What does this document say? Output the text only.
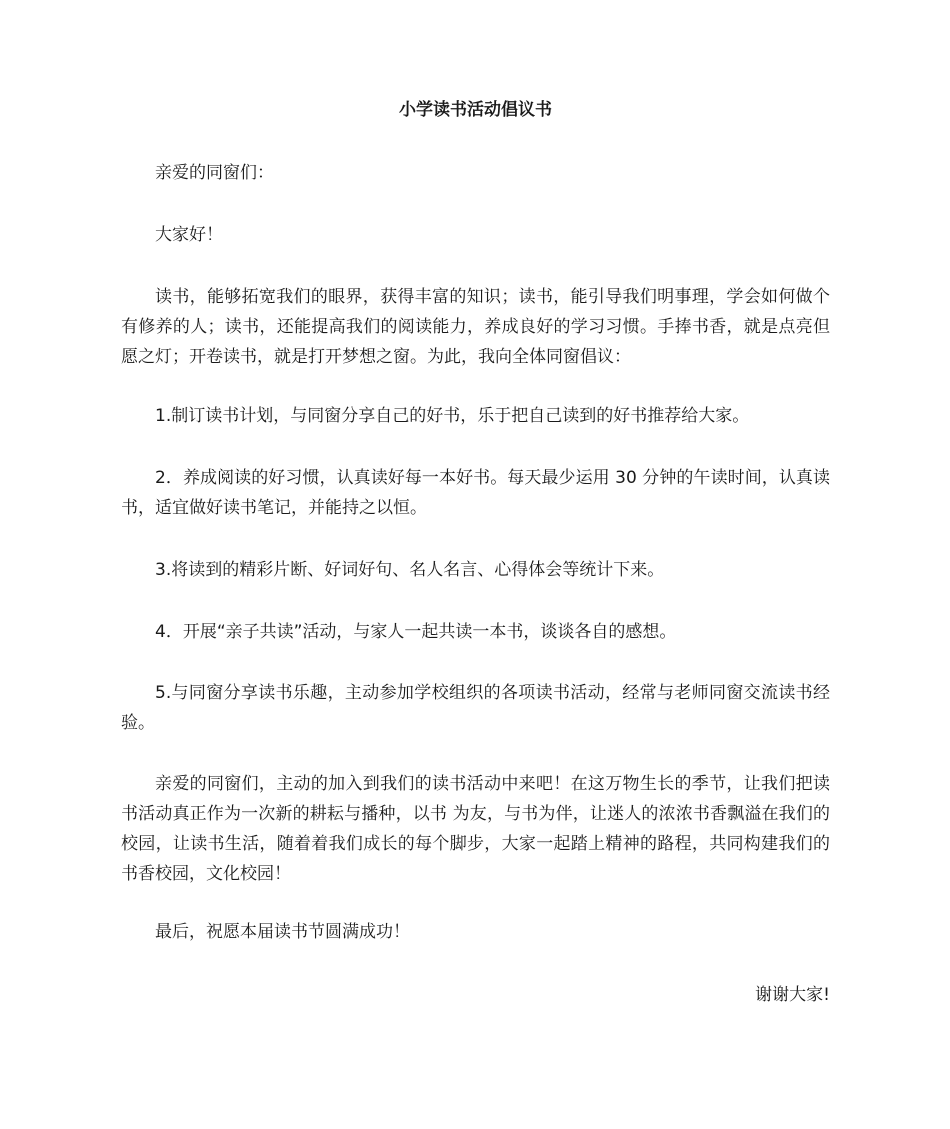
小学读书活动倡议书

亲爱的同窗们：

大家好！

读书，能够拓宽我们的眼界，获得丰富的知识；读书，能引导我们明事理，学会如何做个有修养的人；读书，还能提高我们的阅读能力，养成良好的学习习惯。手捧书香，就是点亮但愿之灯；开卷读书，就是打开梦想之窗。为此，我向全体同窗倡议：

1.制订读书计划，与同窗分享自己的好书，乐于把自己读到的好书推荐给大家。

2．养成阅读的好习惯，认真读好每一本好书。每天最少运用 30 分钟的午读时间，认真读书，适宜做好读书笔记，并能持之以恒。

3.将读到的精彩片断、好词好句、名人名言、心得体会等统计下来。

4．开展“亲子共读”活动，与家人一起共读一本书，谈谈各自的感想。

5.与同窗分享读书乐趣，主动参加学校组织的各项读书活动，经常与老师同窗交流读书经验。

亲爱的同窗们，主动的加入到我们的读书活动中来吧！在这万物生长的季节，让我们把读书活动真正作为一次新的耕耘与播种，以书 为友，与书为伴，让迷人的浓浓书香飘溢在我们的校园，让读书生活，随着着我们成长的每个脚步，大家一起踏上精神的路程，共同构建我们的书香校园，文化校园！

最后，祝愿本届读书节圆满成功！

谢谢大家!
